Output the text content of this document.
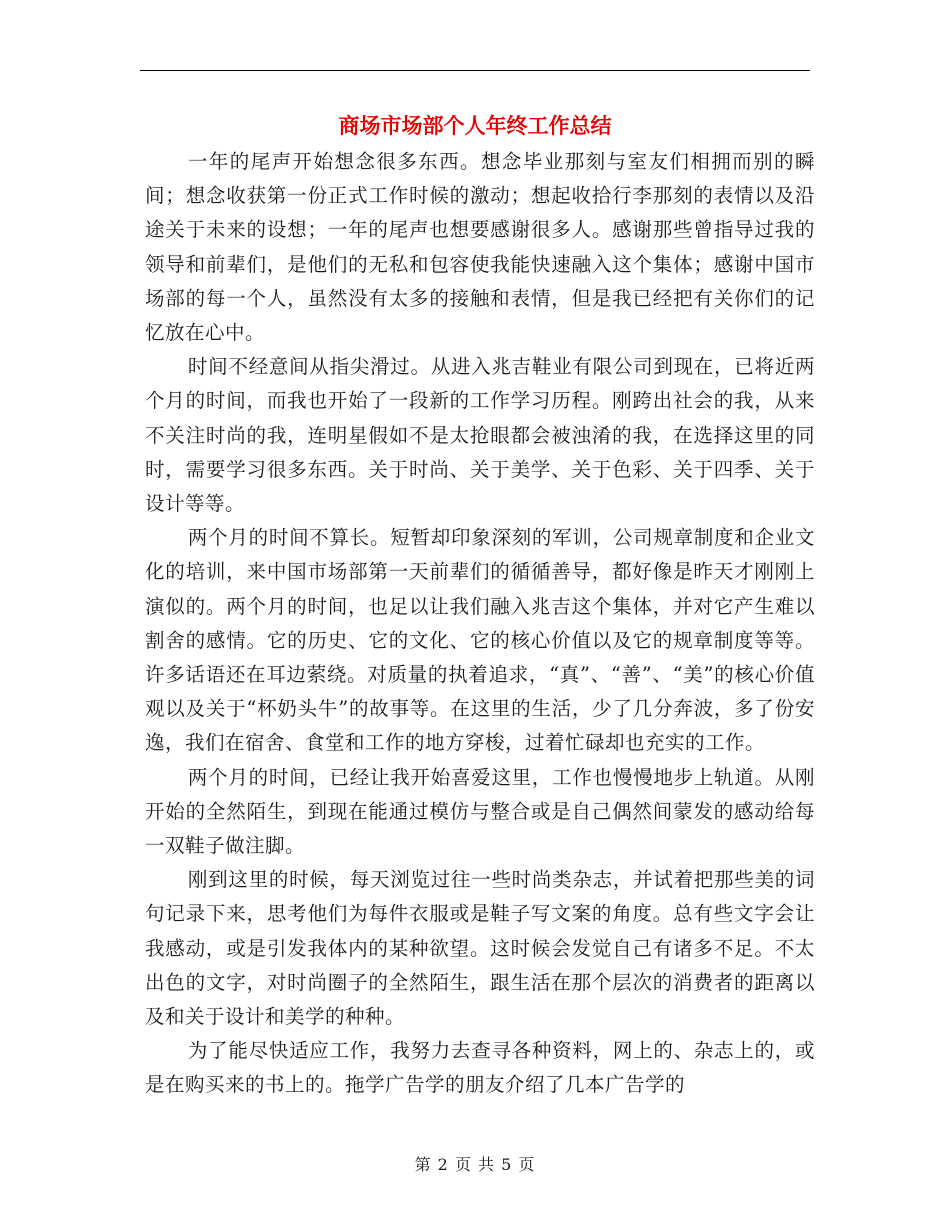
商场市场部个人年终工作总结

一年的尾声开始想念很多东西。想念毕业那刻与室友们相拥而别的瞬间；想念收获第一份正式工作时候的激动；想起收拾行李那刻的表情以及沿途关于未来的设想；一年的尾声也想要感谢很多人。感谢那些曾指导过我的领导和前辈们，是他们的无私和包容使我能快速融入这个集体；感谢中国市场部的每一个人，虽然没有太多的接触和表情，但是我已经把有关你们的记忆放在心中。

时间不经意间从指尖滑过。从进入兆吉鞋业有限公司到现在，已将近两个月的时间，而我也开始了一段新的工作学习历程。刚跨出社会的我，从来不关注时尚的我，连明星假如不是太抢眼都会被浊淆的我，在选择这里的同时，需要学习很多东西。关于时尚、关于美学、关于色彩、关于四季、关于设计等等。

两个月的时间不算长。短暂却印象深刻的军训，公司规章制度和企业文化的培训，来中国市场部第一天前辈们的循循善导，都好像是昨天才刚刚上演似的。两个月的时间，也足以让我们融入兆吉这个集体，并对它产生难以割舍的感情。它的历史、它的文化、它的核心价值以及它的规章制度等等。许多话语还在耳边萦绕。对质量的执着追求，“真”、“善”、“美”的核心价值观以及关于“杯奶头牛”的故事等。在这里的生活，少了几分奔波，多了份安逸，我们在宿舍、食堂和工作的地方穿梭，过着忙碌却也充实的工作。

两个月的时间，已经让我开始喜爱这里，工作也慢慢地步上轨道。从刚开始的全然陌生，到现在能通过模仿与整合或是自己偶然间蒙发的感动给每一双鞋子做注脚。

刚到这里的时候，每天浏览过往一些时尚类杂志，并试着把那些美的词句记录下来，思考他们为每件衣服或是鞋子写文案的角度。总有些文字会让我感动，或是引发我体内的某种欲望。这时候会发觉自己有诸多不足。不太出色的文字，对时尚圈子的全然陌生，跟生活在那个层次的消费者的距离以及和关于设计和美学的种种。

为了能尽快适应工作，我努力去查寻各种资料，网上的、杂志上的，或是在购买来的书上的。拖学广告学的朋友介绍了几本广告学的

第 2 页 共 5 页
